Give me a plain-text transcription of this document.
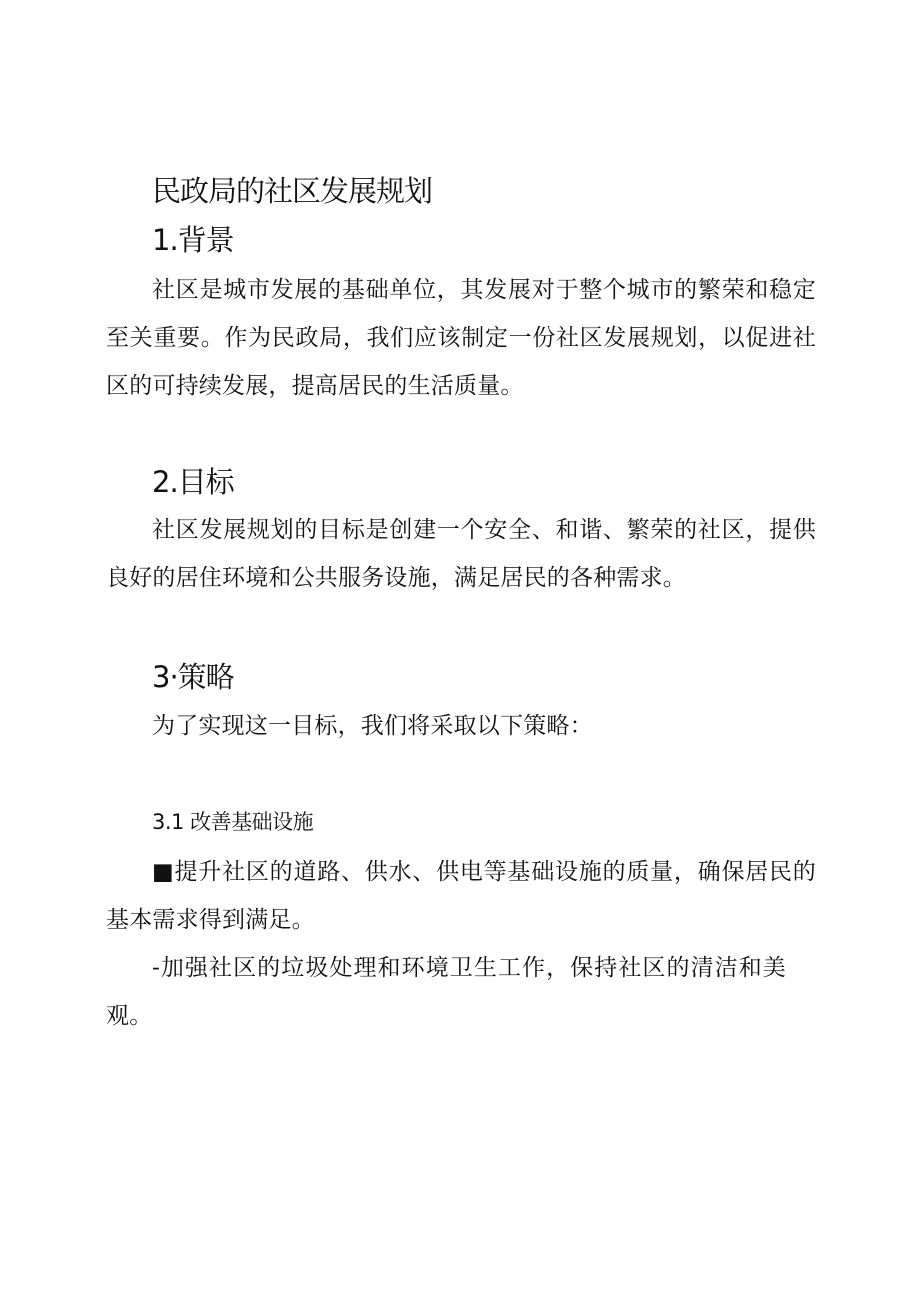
民政局的社区发展规划
1.背景

社区是城市发展的基础单位，其发展对于整个城市的繁荣和稳定至关重要。作为民政局，我们应该制定一份社区发展规划，以促进社区的可持续发展，提高居民的生活质量。

2.目标

社区发展规划的目标是创建一个安全、和谐、繁荣的社区，提供良好的居住环境和公共服务设施，满足居民的各种需求。

3·策略

为了实现这一目标，我们将采取以下策略：

3.1 改善基础设施

■提升社区的道路、供水、供电等基础设施的质量，确保居民的基本需求得到满足。

-加强社区的垃圾处理和环境卫生工作，保持社区的清洁和美观。
